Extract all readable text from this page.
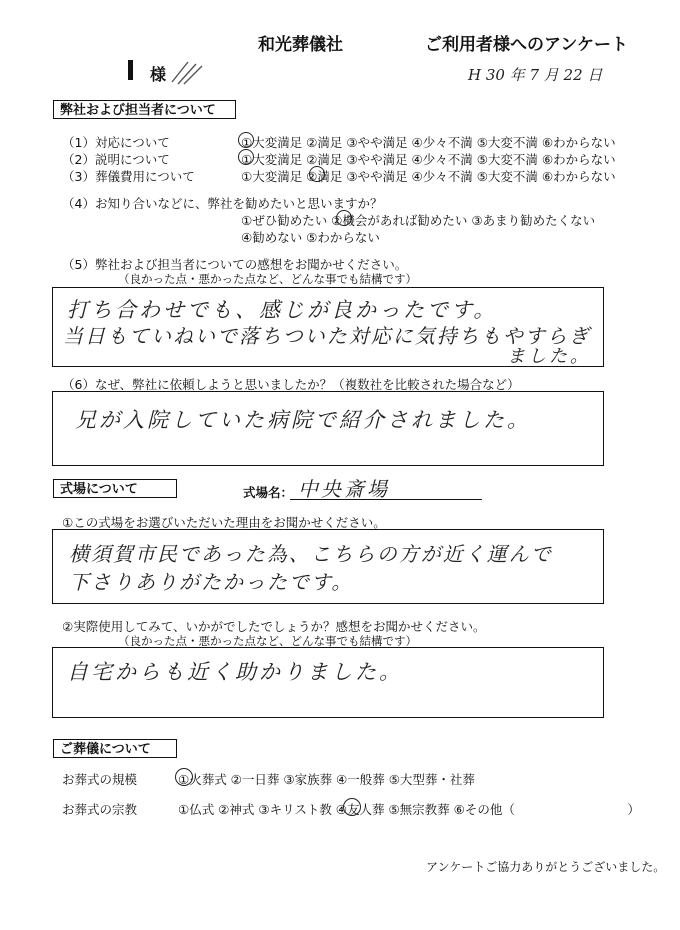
和光葬儀社	ご利用者様へのアンケート
様	H 30 年 7 月 22 日
弊社および担当者について
（1）対応について	①大変満足 ②満足 ③やや満足 ④少々不満 ⑤大変不満 ⑥わからない
（2）説明について	①大変満足 ②満足 ③やや満足 ④少々不満 ⑤大変不満 ⑥わからない
（3）葬儀費用について	①大変満足 ②満足 ③やや満足 ④少々不満 ⑤大変不満 ⑥わからない
（4）お知り合いなどに、弊社を勧めたいと思いますか？
①ぜひ勧めたい ②機会があれば勧めたい ③あまり勧めたくない
④勧めない ⑤わからない
（5）弊社および担当者についての感想をお聞かせください。
（良かった点・悪かった点など、どんな事でも結構です）
打ち合わせでも、感じが良かったです。
当日もていねいで落ちついた対応に気持ちもやすらぎ
ました。
（6）なぜ、弊社に依頼しようと思いましたか？（複数社を比較された場合など）
兄が入院していた病院で紹介されました。
式場について	式場名： 中央斎場
①この式場をお選びいただいた理由をお聞かせください。
横須賀市民であった為、こちらの方が近く運んで
下さりありがたかったです。
②実際使用してみて、いかがでしたでしょうか？感想をお聞かせください。
（良かった点・悪かった点など、どんな事でも結構です）
自宅からも近く助かりました。
ご葬儀について
お葬式の規模	①火葬式 ②一日葬 ③家族葬 ④一般葬 ⑤大型葬・社葬
お葬式の宗教	①仏式 ②神式 ③キリスト教 ④友人葬 ⑤無宗教葬 ⑥その他（　　　　　　　　　）
アンケートご協力ありがとうございました。
